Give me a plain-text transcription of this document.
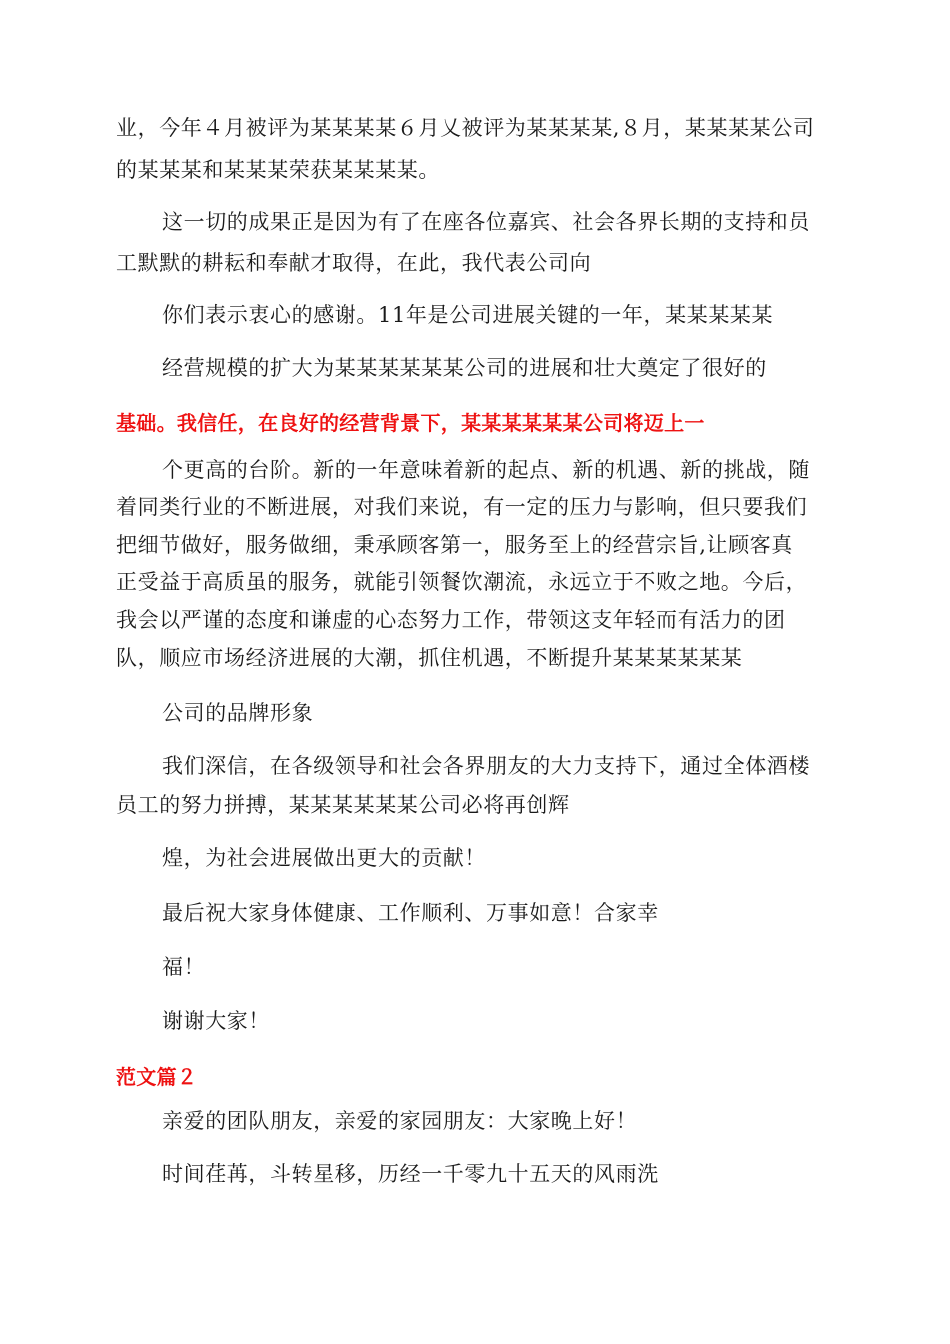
业，今年４月被评为某某某某６月乂被评为某某某某,８月，某某某某公司
的某某某和某某某荣获某某某某。
这一切的成果正是因为有了在座各位嘉宾、社会各界长期的支持和员
工默默的耕耘和奉献才取得，在此，我代表公司向
你们表示衷心的感谢。11年是公司进展关键的一年，某某某某某
经营规模的扩大为某某某某某某公司的进展和壮大奠定了很好的
基础。我信任，在良好的经营背景下，某某某某某某公司将迈上一
个更高的台阶。新的一年意味着新的起点、新的机遇、新的挑战，随
着同类行业的不断进展，对我们来说，有一定的压力与影响，但只要我们
把细节做好，服务做细，秉承顾客第一，服务至上的经营宗旨,让顾客真
正受益于高质虽的服务，就能引领餐饮潮流，永远立于不败之地。今后，
我会以严谨的态度和谦虚的心态努力工作，带领这支年轻而有活力的团
队，顺应市场经济进展的大潮，抓住机遇，不断提升某某某某某某
公司的品牌形象
我们深信，在各级领导和社会各界朋友的大力支持下，通过全体酒楼
员工的努力拼搏，某某某某某某公司必将再创辉
煌，为社会进展做出更大的贡献！
最后祝大家身体健康、工作顺利、万事如意！合家幸
福！
谢谢大家！
范文篇２
亲爱的团队朋友，亲爱的家园朋友：大家晚上好！
时间荏苒，斗转星移，历经一千零九十五天的风雨洗
